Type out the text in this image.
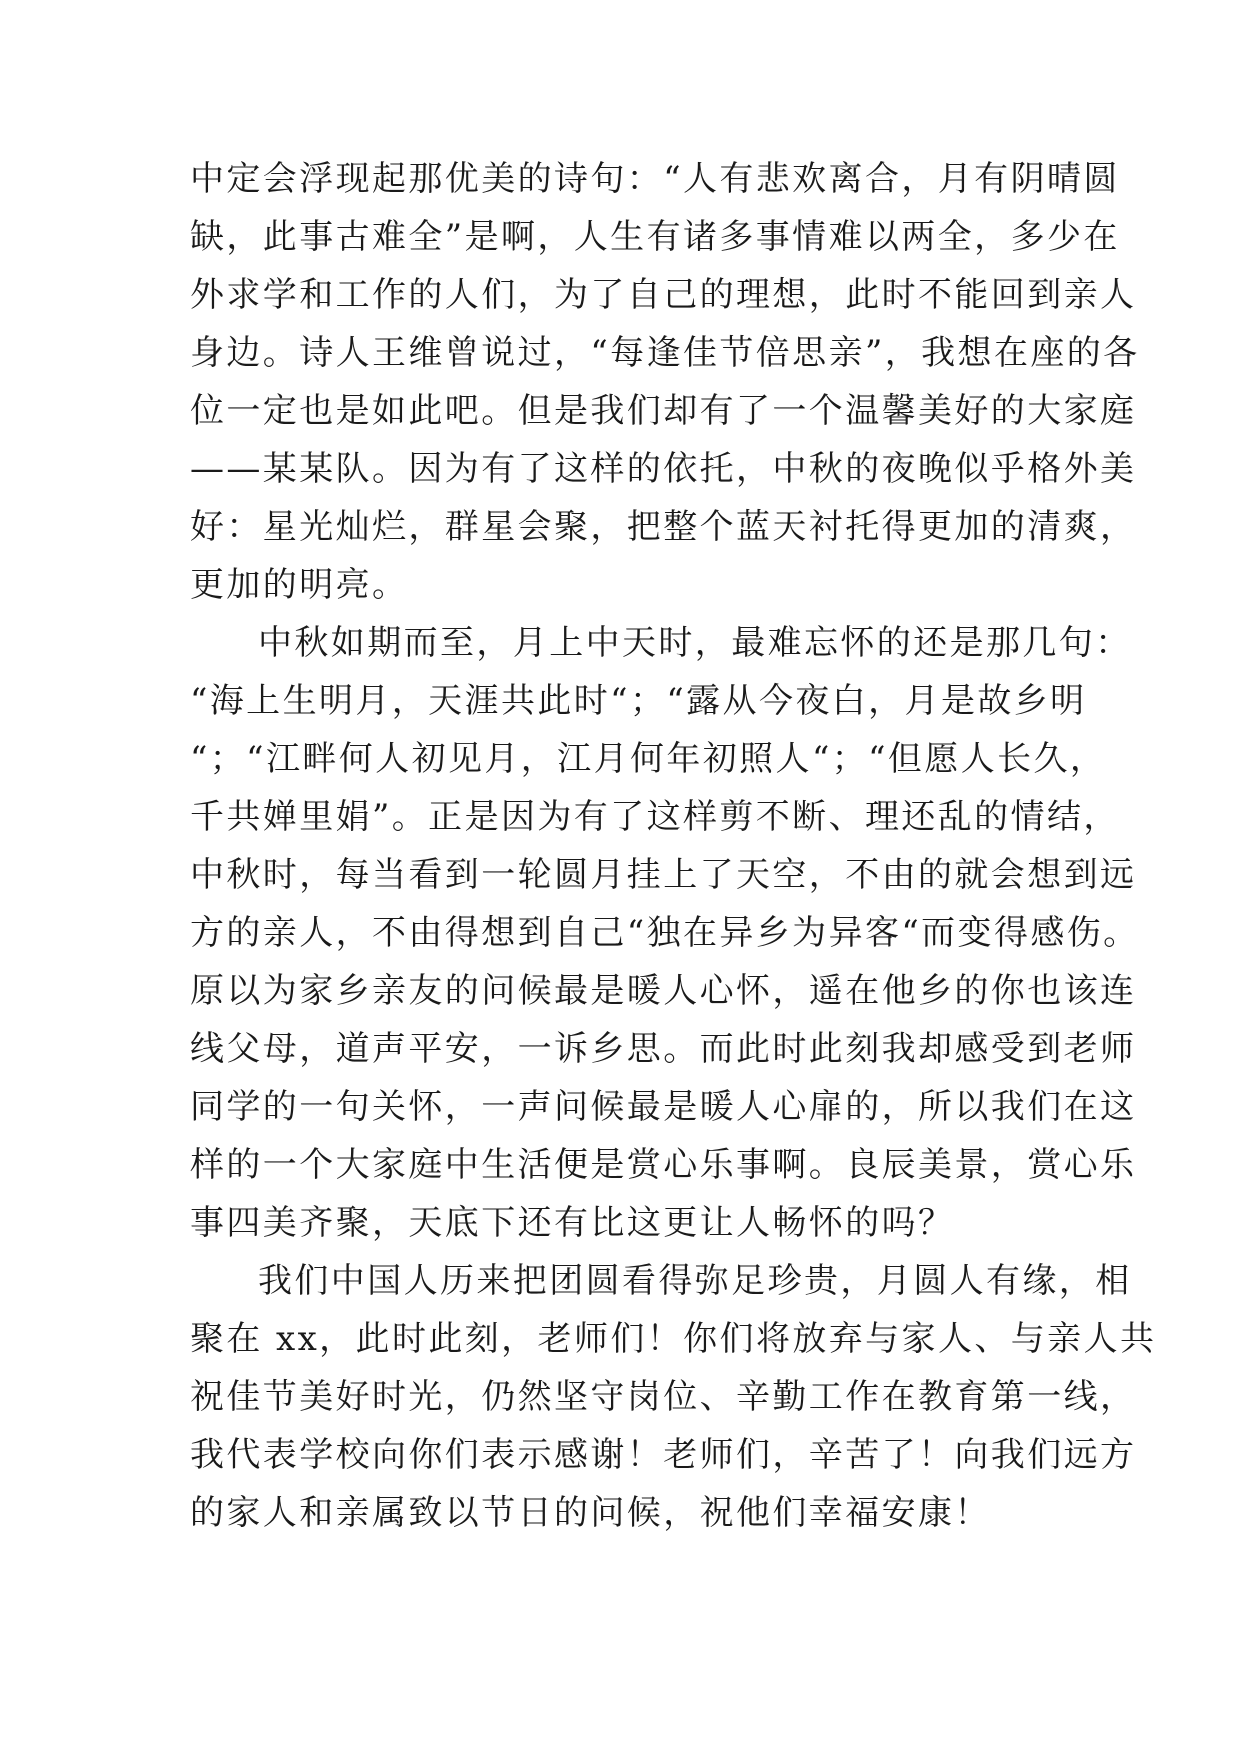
中定会浮现起那优美的诗句：“人有悲欢离合，月有阴晴圆
缺，此事古难全”是啊，人生有诸多事情难以两全，多少在
外求学和工作的人们，为了自己的理想，此时不能回到亲人
身边。诗人王维曾说过，“每逢佳节倍思亲”，我想在座的各
位一定也是如此吧。但是我们却有了一个温馨美好的大家庭
——某某队。因为有了这样的依托，中秋的夜晚似乎格外美
好：星光灿烂，群星会聚，把整个蓝天衬托得更加的清爽，
更加的明亮。
中秋如期而至，月上中天时，最难忘怀的还是那几句：
“海上生明月，天涯共此时“；“露从今夜白，月是故乡明
“；“江畔何人初见月，江月何年初照人“；“但愿人长久，
千共婵里娟”。正是因为有了这样剪不断、理还乱的情结，
中秋时，每当看到一轮圆月挂上了天空，不由的就会想到远
方的亲人，不由得想到自己“独在异乡为异客“而变得感伤。
原以为家乡亲友的问候最是暖人心怀，遥在他乡的你也该连
线父母，道声平安，一诉乡思。而此时此刻我却感受到老师
同学的一句关怀，一声问候最是暖人心扉的，所以我们在这
样的一个大家庭中生活便是赏心乐事啊。良辰美景，赏心乐
事四美齐聚，天底下还有比这更让人畅怀的吗？
我们中国人历来把团圆看得弥足珍贵，月圆人有缘，相
聚在 xx，此时此刻，老师们！你们将放弃与家人、与亲人共
祝佳节美好时光，仍然坚守岗位、辛勤工作在教育第一线，
我代表学校向你们表示感谢！老师们，辛苦了！向我们远方
的家人和亲属致以节日的问候，祝他们幸福安康！
